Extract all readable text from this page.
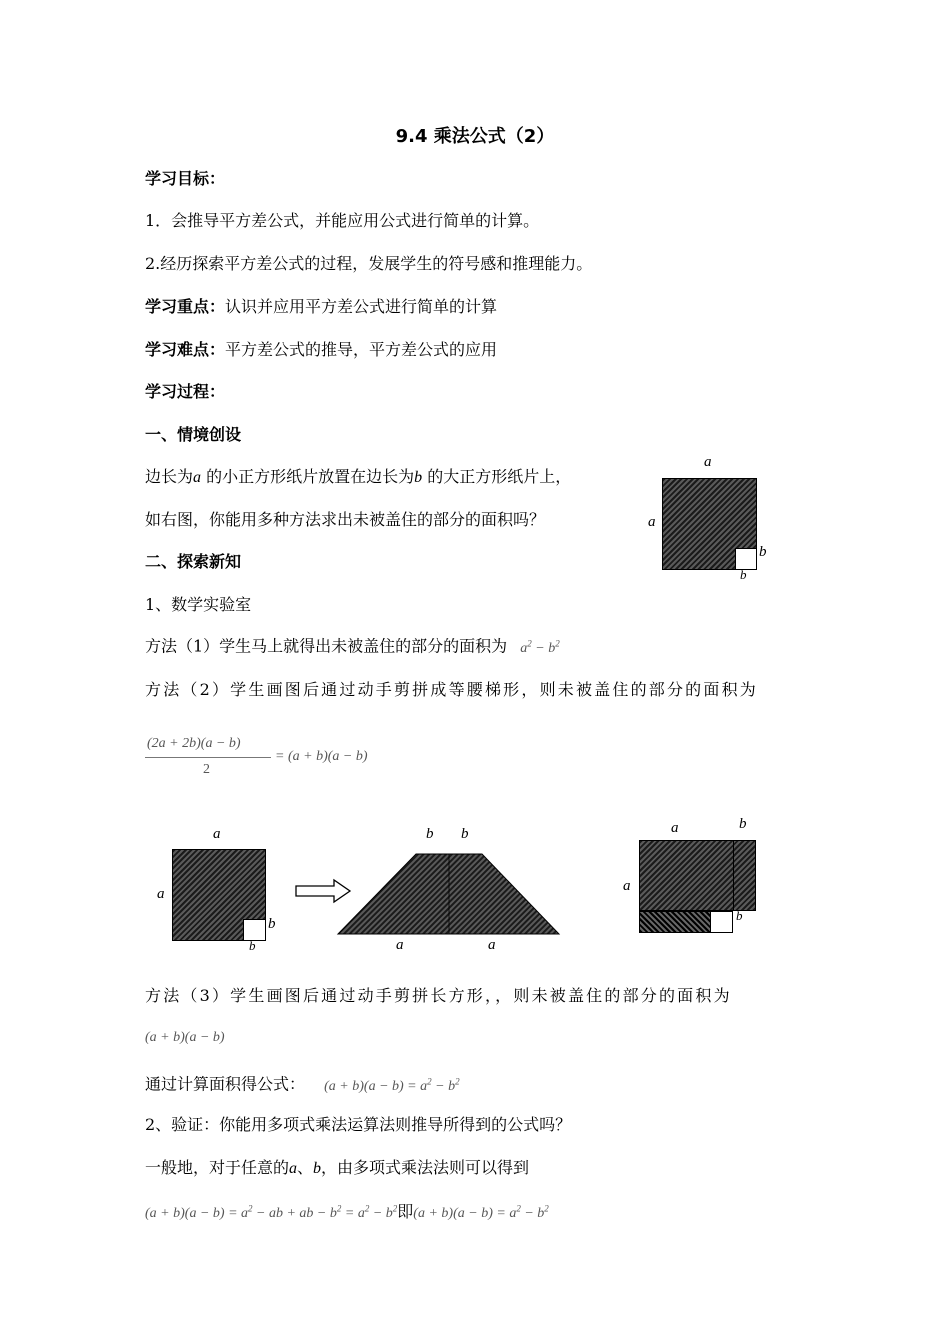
9.4 乘法公式（2）
学习目标：
1．会推导平方差公式，并能应用公式进行简单的计算。
2.经历探索平方差公式的过程，发展学生的符号感和推理能力。
学习重点：认识并应用平方差公式进行简单的计算
学习难点：平方差公式的推导，平方差公式的应用
学习过程：
一、情境创设
边长为a 的小正方形纸片放置在边长为b 的大正方形纸片上，
如右图，你能用多种方法求出未被盖住的部分的面积吗？
a
a
b
b
二、探索新知
1、数学实验室
方法（1）学生马上就得出未被盖住的部分的面积为 $a^2 - b^2$
方法（2）学生画图后通过动手剪拼成等腰梯形，则未被盖住的部分的面积为
(2a + 2b)(a − b)
2
= (a + b)(a − b)
a
a
b
b
b b
a	a
a	b
a
b
方法（3）学生画图后通过动手剪拼长方形，，则未被盖住的部分的面积为
(a + b)(a − b)
通过计算面积得公式： $(a + b)(a - b) = a^2 - b^2$
2、验证：你能用多项式乘法运算法则推导所得到的公式吗？
一般地，对于任意的a、b，由多项式乘法法则可以得到
$(a + b)(a - b) = a^2$ − ab + ab − $b^2 = a^2 - b^2$即$(a + b)(a - b) = a^2 - b^2$
